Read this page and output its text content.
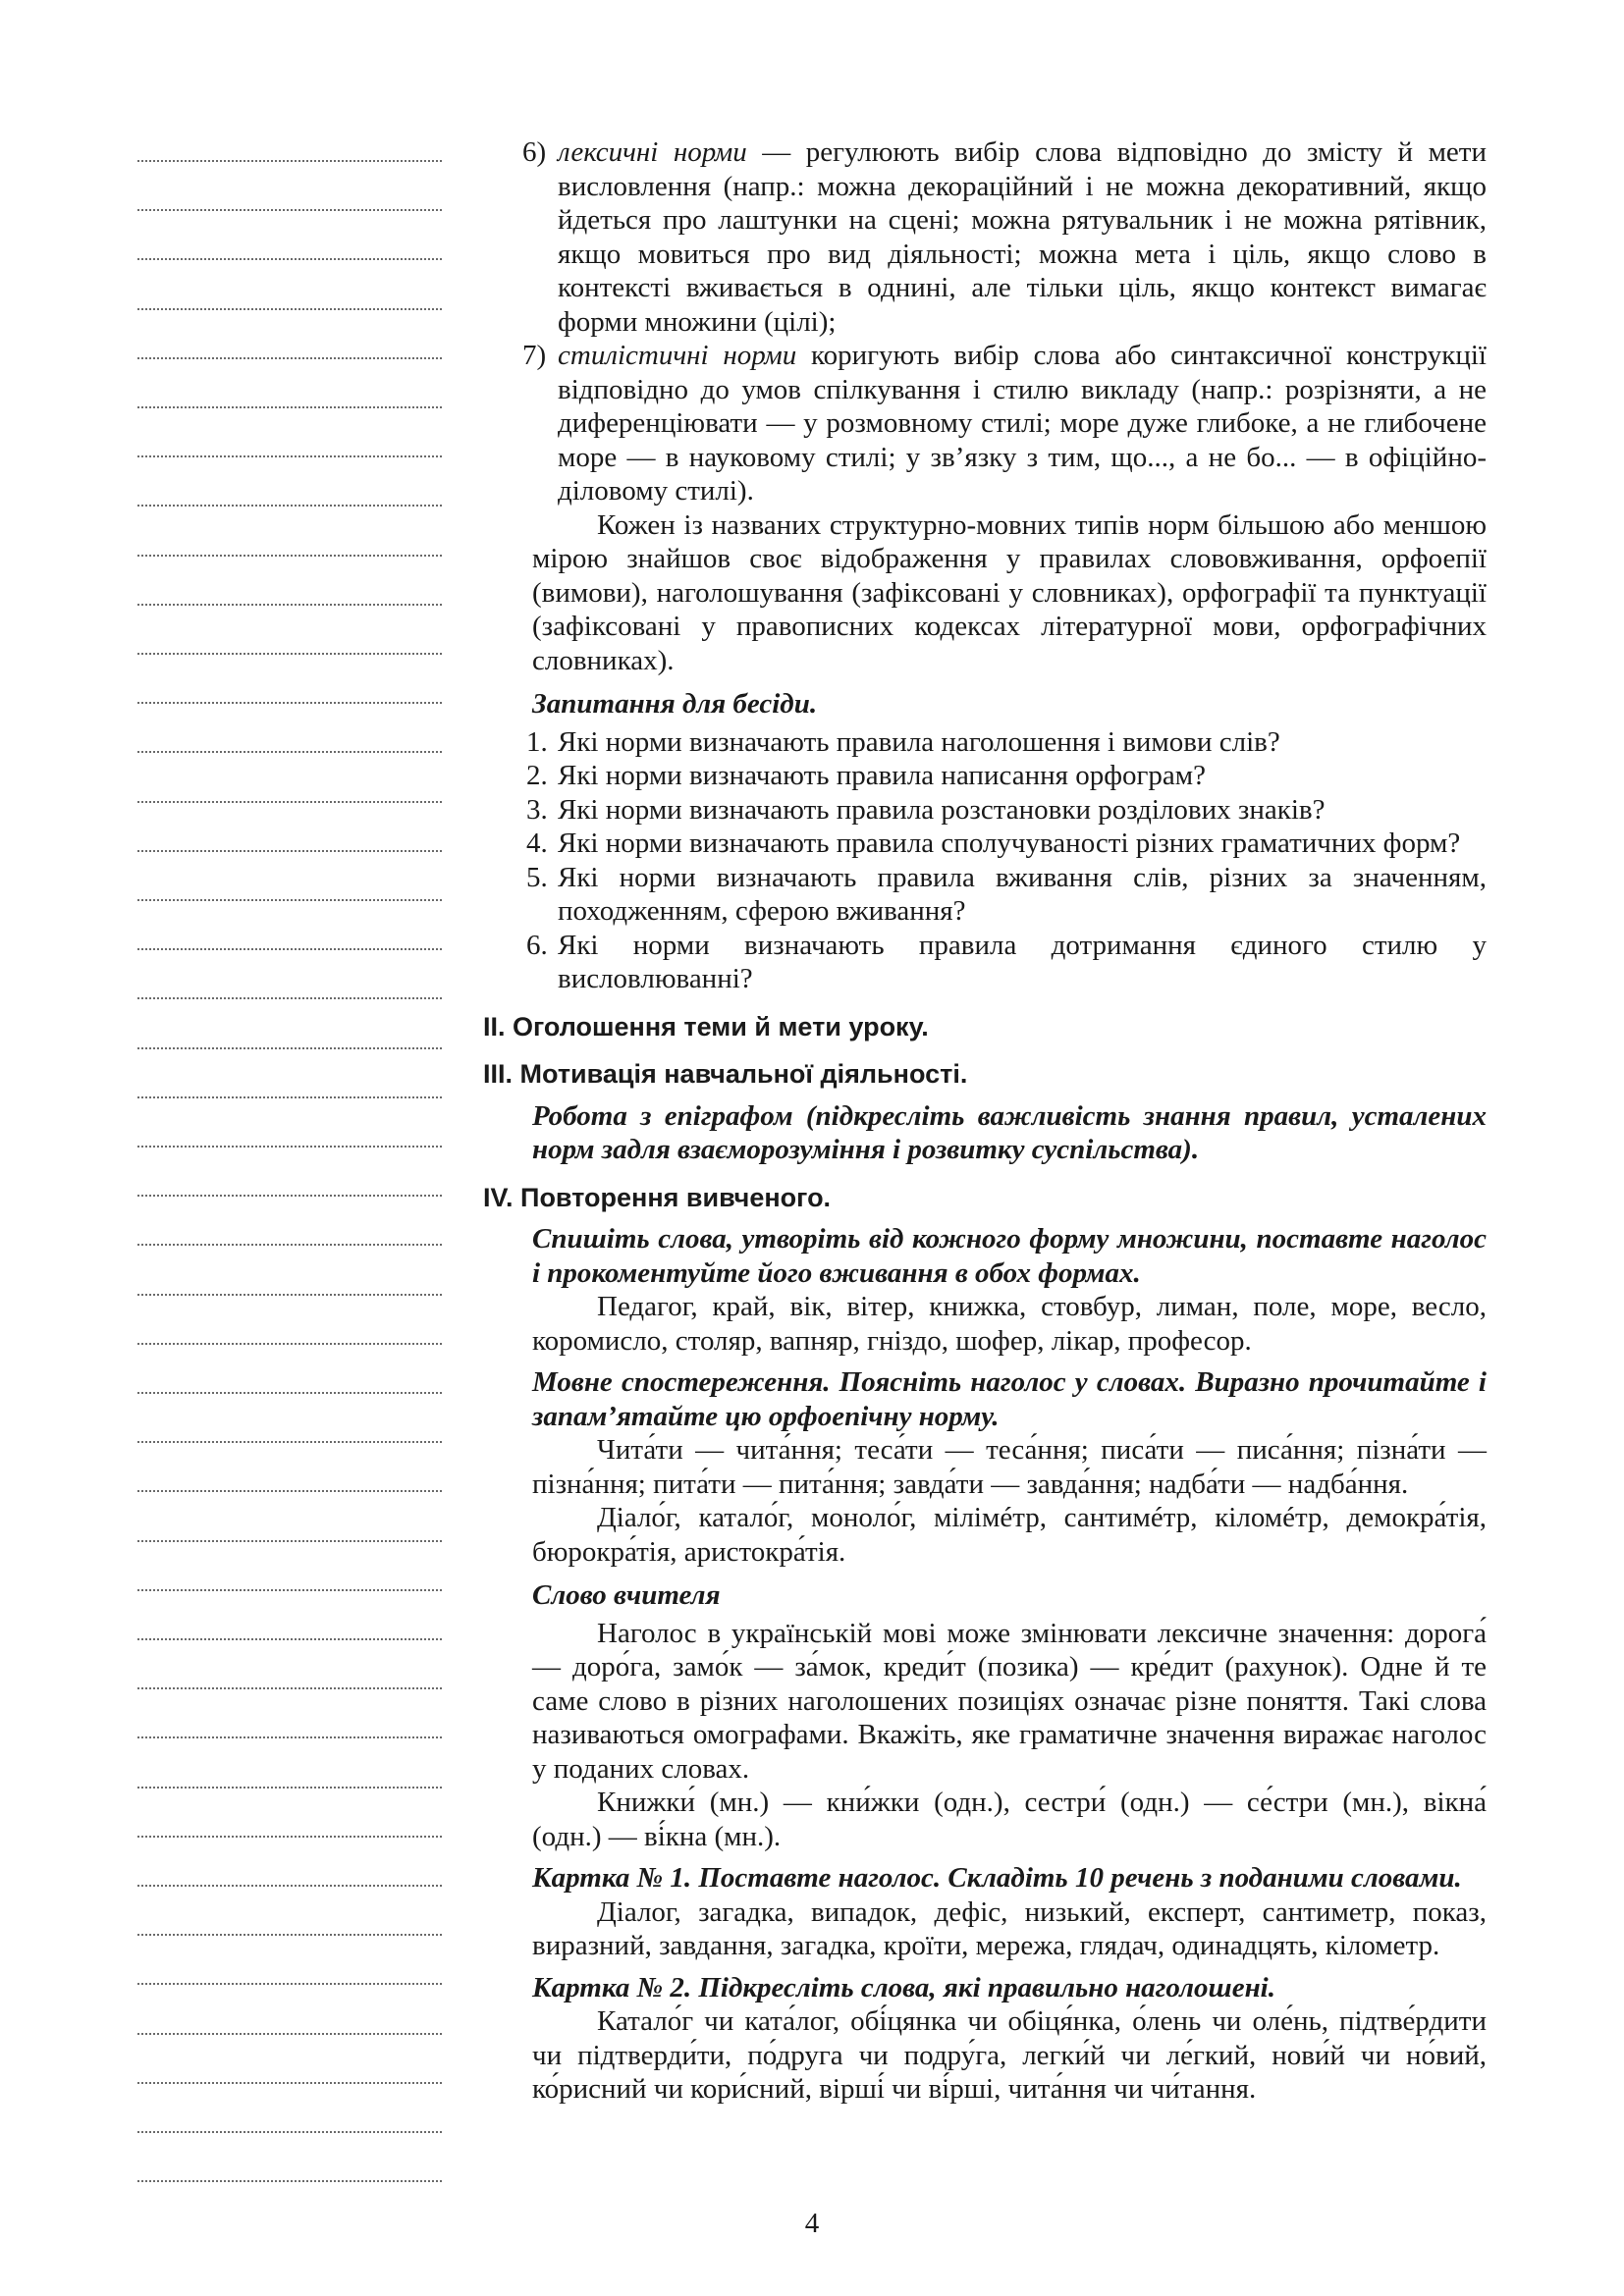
6) лексичні норми — регулюють вибір слова відповідно до змісту й мети висловлення (напр.: можна декораційний і не можна декоративний, якщо йдеться про лаштунки на сцені; можна рятувальник і не можна рятівник, якщо мовиться про вид діяльності; можна мета і ціль, якщо слово в контексті вживається в однині, але тільки ціль, якщо контекст вимагає форми множини (цілі);
7) стилістичні норми коригують вибір слова або синтаксичної конструкції відповідно до умов спілкування і стилю викладу (напр.: розрізняти, а не диференціювати — у розмовному стилі; море дуже глибоке, а не глибочене море — в науковому стилі; у зв’язку з тим, що..., а не бо... — в офіційно-діловому стилі).
Кожен із названих структурно-мовних типів норм більшою або меншою мірою знайшов своє відображення у правилах слововживання, орфоепії (вимови), наголошування (зафіксовані у словниках), орфографії та пунктуації (зафіксовані у правописних кодексах літературної мови, орфографічних словниках).
Запитання для бесіди.
1. Які норми визначають правила наголошення і вимови слів?
2. Які норми визначають правила написання орфограм?
3. Які норми визначають правила розстановки розділових знаків?
4. Які норми визначають правила сполучуваності різних граматичних форм?
5. Які норми визначають правила вживання слів, різних за значенням, походженням, сферою вживання?
6. Які норми визначають правила дотримання єдиного стилю у висловлюванні?
II. Оголошення теми й мети уроку.
III. Мотивація навчальної діяльності.
Робота з епіграфом (підкресліть важливість знання правил, усталених норм задля взаєморозуміння і розвитку суспільства).
IV. Повторення вивченого.
Спишіть слова, утворіть від кожного форму множини, поставте наголос і прокоментуйте його вживання в обох формах.
Педагог, край, вік, вітер, книжка, стовбур, лиман, поле, море, весло, коромисло, столяр, вапняр, гніздо, шофер, лікар, професор.
Мовне спостереження. Поясніть наголос у словах. Виразно прочитайте і запам’ятайте цю орфоепічну норму.
Чита́ти — чита́ння; теса́ти — теса́ння; писа́ти — писа́ння; пізна́ти — пізна́ння; пита́ти — пита́ння; завда́ти — завда́ння; надба́ти — надба́ння.
Діало́г, катало́г, моноло́г, мілімéтр, сантимéтр, кіломéтр, демокра́тія, бюрокра́тія, аристокра́тія.
Слово вчителя
Наголос в українській мові може змінювати лексичне значення: дорога́ — доро́га, замо́к — за́мок, креди́т (позика) — кре́дит (рахунок). Одне й те саме слово в різних наголошених позиціях означає різне поняття. Такі слова називаються омографами. Вкажіть, яке граматичне значення виражає наголос у поданих словах.
Книжки́ (мн.) — кни́жки (одн.), сестри́ (одн.) — се́стри (мн.), вікна́ (одн.) — ві́кна (мн.).
Картка № 1. Поставте наголос. Складіть 10 речень з поданими словами.
Діалог, загадка, випадок, дефіс, низький, експерт, сантиметр, показ, виразний, завдання, загадка, кроїти, мережа, глядач, одинадцять, кілометр.
Картка № 2. Підкресліть слова, які правильно наголошені.
Катало́г чи ката́лог, обі́цянка чи обіця́нка, о́лень чи оле́нь, підтве́рдити чи підтверди́ти, по́друга чи подру́га, легки́й чи ле́гкий, нови́й чи но́вий, ко́рисний чи кори́сний, вірші́ чи ві́рші, чита́ння чи чи́тання.
4
